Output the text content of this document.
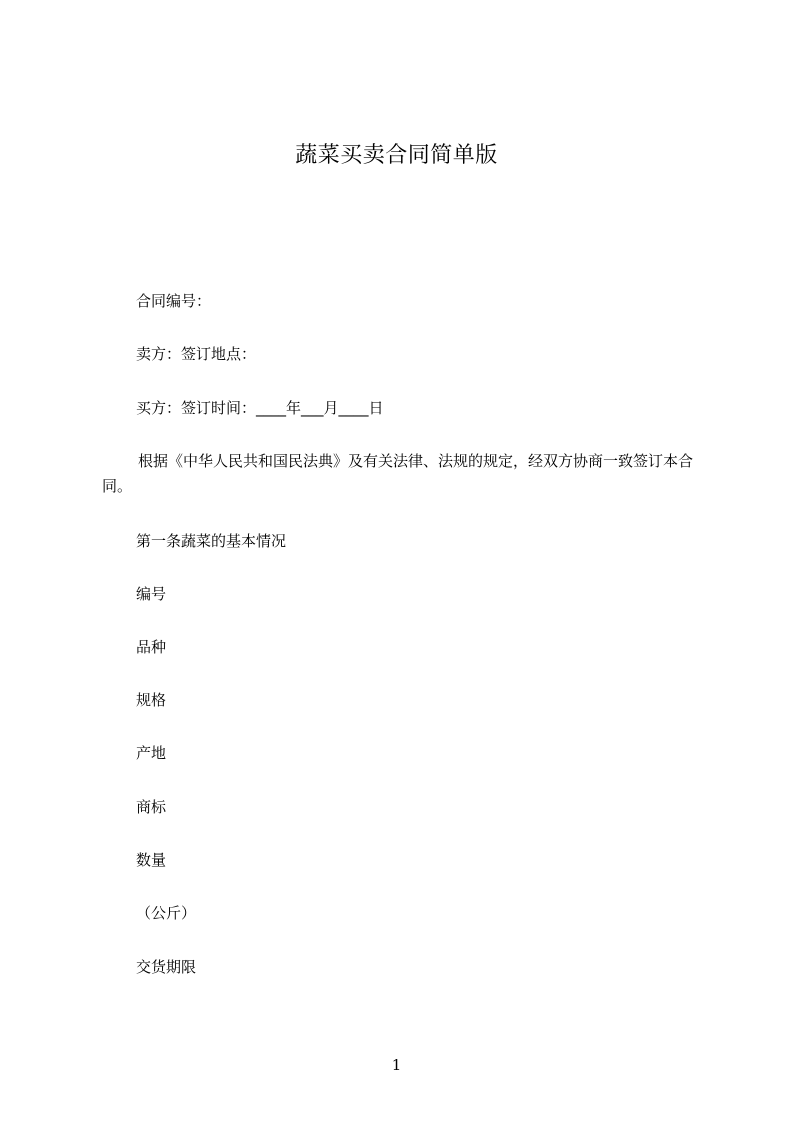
蔬菜买卖合同简单版
合同编号：
卖方：签订地点：
买方：签订时间：____年___月____日
根据《中华人民共和国民法典》及有关法律、法规的规定，经双方协商一致签订本合同。
第一条蔬菜的基本情况
编号
品种
规格
产地
商标
数量
（公斤）
交货期限
1
